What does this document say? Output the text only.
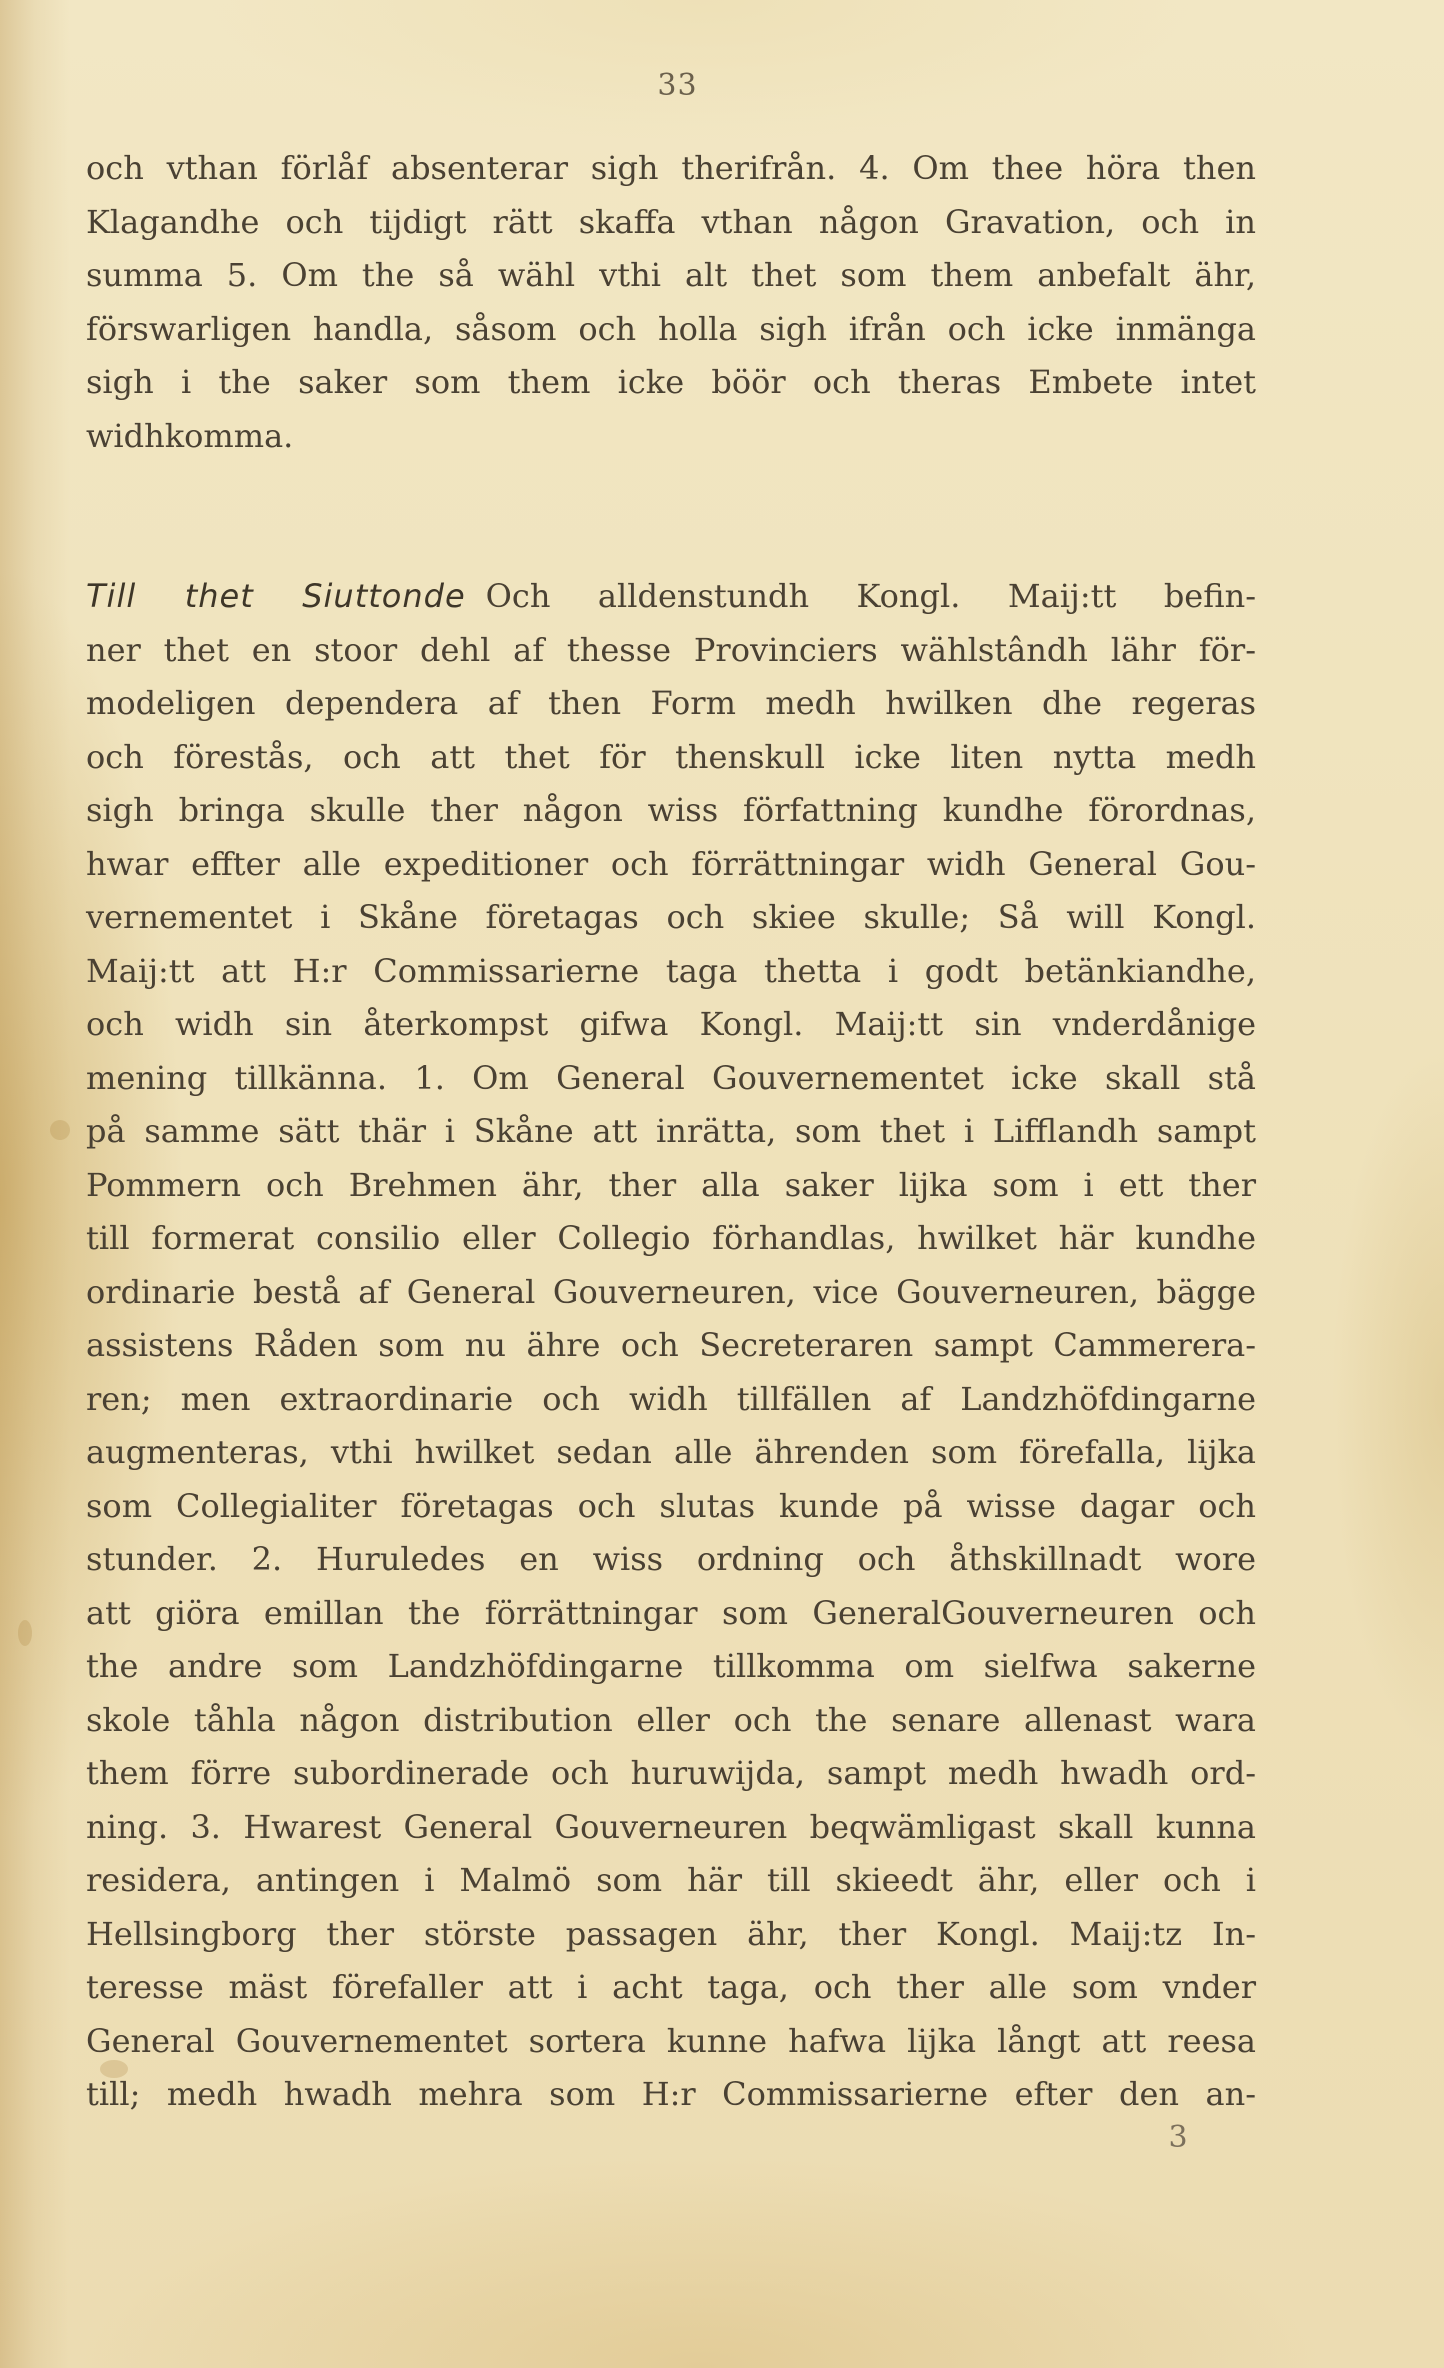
33
och vthan förlåf absenterar sigh therifrån. 4. Om thee höra then
Klagandhe och tijdigt rätt skaffa vthan någon Gravation, och in
summa 5. Om the så wähl vthi alt thet som them anbefalt ähr,
förswarligen handla, såsom och holla sigh ifrån och icke inmänga
sigh i the saker som them icke böör och theras Embete intet
widhkomma.
Till thet Siuttonde Och alldenstundh Kongl. Maij:tt befin-
ner thet en stoor dehl af thesse Provinciers wählstândh lähr för-
modeligen dependera af then Form medh hwilken dhe regeras
och förestås, och att thet för thenskull icke liten nytta medh
sigh bringa skulle ther någon wiss författning kundhe förordnas,
hwar effter alle expeditioner och förrättningar widh General Gou-
vernementet i Skåne företagas och skiee skulle; Så will Kongl.
Maij:tt att H:r Commissarierne taga thetta i godt betänkiandhe,
och widh sin återkompst gifwa Kongl. Maij:tt sin vnderdånige
mening tillkänna. 1. Om General Gouvernementet icke skall stå
på samme sätt thär i Skåne att inrätta, som thet i Lifflandh sampt
Pommern och Brehmen ähr, ther alla saker lijka som i ett ther
till formerat consilio eller Collegio förhandlas, hwilket här kundhe
ordinarie bestå af General Gouverneuren, vice Gouverneuren, bägge
assistens Råden som nu ähre och Secreteraren sampt Cammerera-
ren; men extraordinarie och widh tillfällen af Landzhöfdingarne
augmenteras, vthi hwilket sedan alle ährenden som förefalla, lijka
som Collegialiter företagas och slutas kunde på wisse dagar och
stunder. 2. Huruledes en wiss ordning och åthskillnadt wore
att giöra emillan the förrättningar som GeneralGouverneuren och
the andre som Landzhöfdingarne tillkomma om sielfwa sakerne
skole tåhla någon distribution eller och the senare allenast wara
them förre subordinerade och huruwijda, sampt medh hwadh ord-
ning. 3. Hwarest General Gouverneuren beqwämligast skall kunna
residera, antingen i Malmö som här till skieedt ähr, eller och i
Hellsingborg ther störste passagen ähr, ther Kongl. Maij:tz In-
teresse mäst förefaller att i acht taga, och ther alle som vnder
General Gouvernementet sortera kunne hafwa lijka långt att reesa
till; medh hwadh mehra som H:r Commissarierne efter den an-
3
